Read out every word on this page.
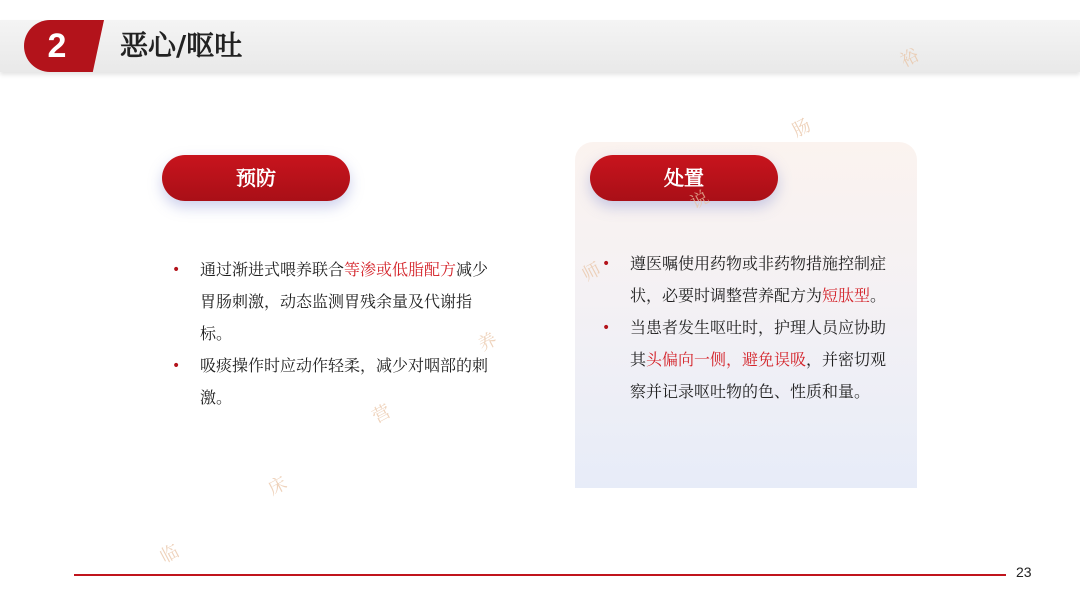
2	恶心/呕吐
预防	处置
• 通过渐进式喂养联合等渗或低脂配方减少胃肠刺激，动态监测胃残余量及代谢指标。
• 吸痰操作时应动作轻柔，减少对咽部的刺激。
• 遵医嘱使用药物或非药物措施控制症状，必要时调整营养配方为短肽型。
• 当患者发生呕吐时，护理人员应协助其头偏向一侧，避免误吸，并密切观察并记录呕吐物的色、性质和量。
临
床
营
养
师
说
肠
裕
23
